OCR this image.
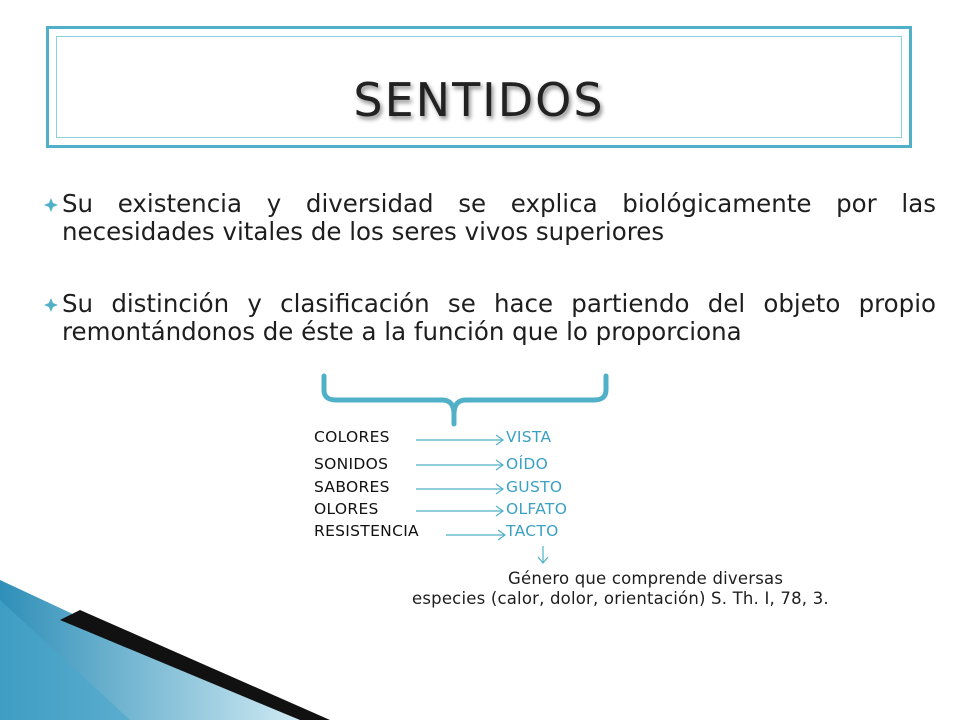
SENTIDOS
Su existencia y diversidad se explica biológicamente por las necesidades vitales de los seres vivos superiores
Su distinción y clasificación se hace partiendo del objeto propio remontándonos de éste a la función que lo proporciona
COLORES	VISTA
SONIDOS	OÍDO
SABORES	GUSTO
OLORES	OLFATO
RESISTENCIA	TACTO
Género que comprende diversas
especies (calor, dolor, orientación) S. Th. I, 78, 3.
